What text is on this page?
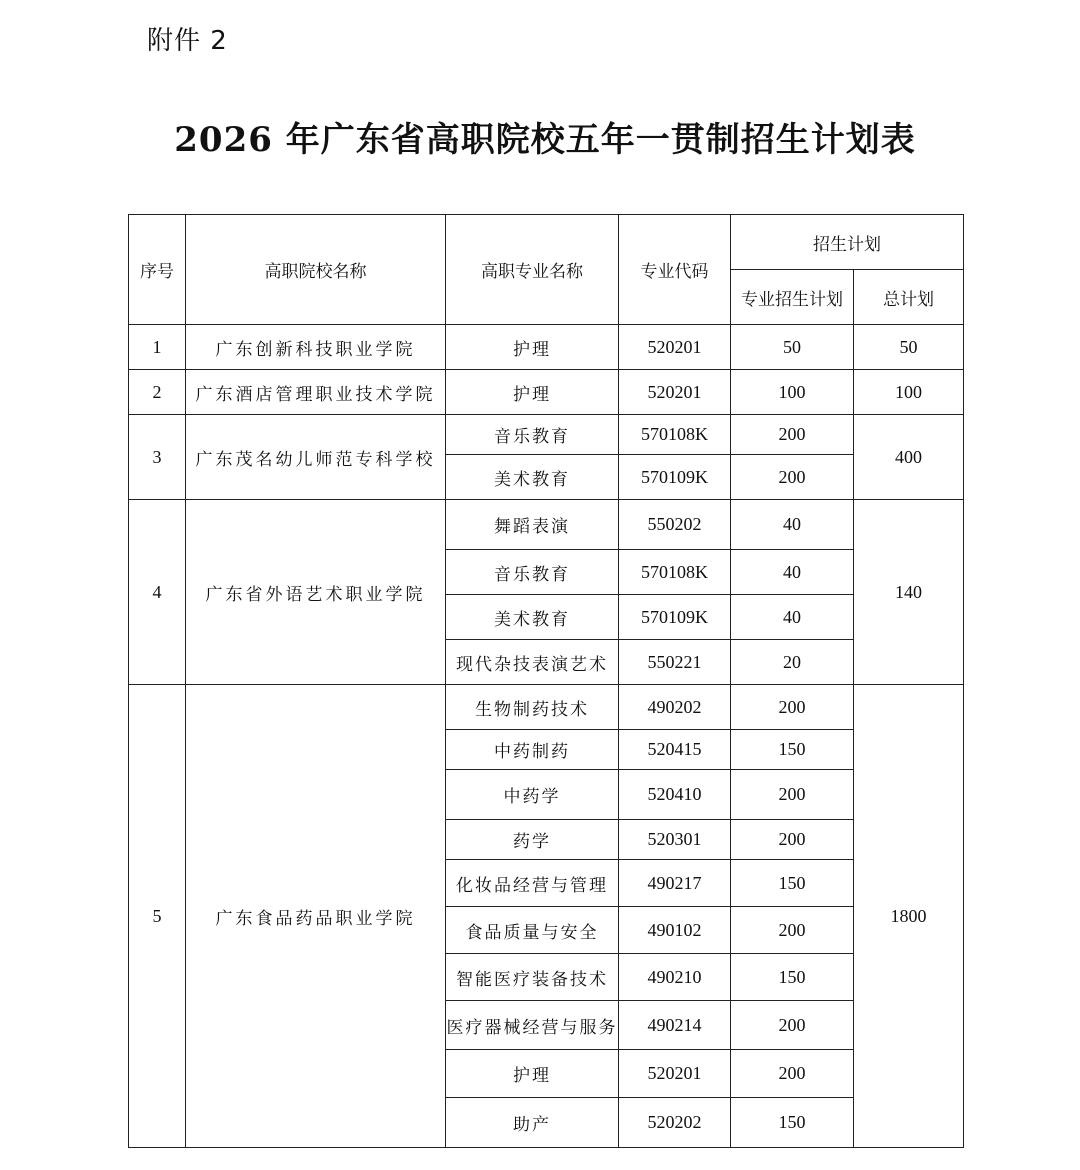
附件 2
2026 年广东省高职院校五年一贯制招生计划表
序号	高职院校名称	高职专业名称	专业代码	招生计划	
				专业招生计划	总计划
1	广东创新科技职业学院	护理	520201	50	50
2	广东酒店管理职业技术学院	护理	520201	100	100
3	广东茂名幼儿师范专科学校	音乐教育	570108K	200	400
		美术教育	570109K	200	
4	广东省外语艺术职业学院	舞蹈表演	550202	40	140
		音乐教育	570108K	40	
		美术教育	570109K	40	
		现代杂技表演艺术	550221	20	
5	广东食品药品职业学院	生物制药技术	490202	200	1800
		中药制药	520415	150	
		中药学	520410	200	
		药学	520301	200	
		化妆品经营与管理	490217	150	
		食品质量与安全	490102	200	
		智能医疗装备技术	490210	150	
		医疗器械经营与服务	490214	200	
		护理	520201	200	
		助产	520202	150	
